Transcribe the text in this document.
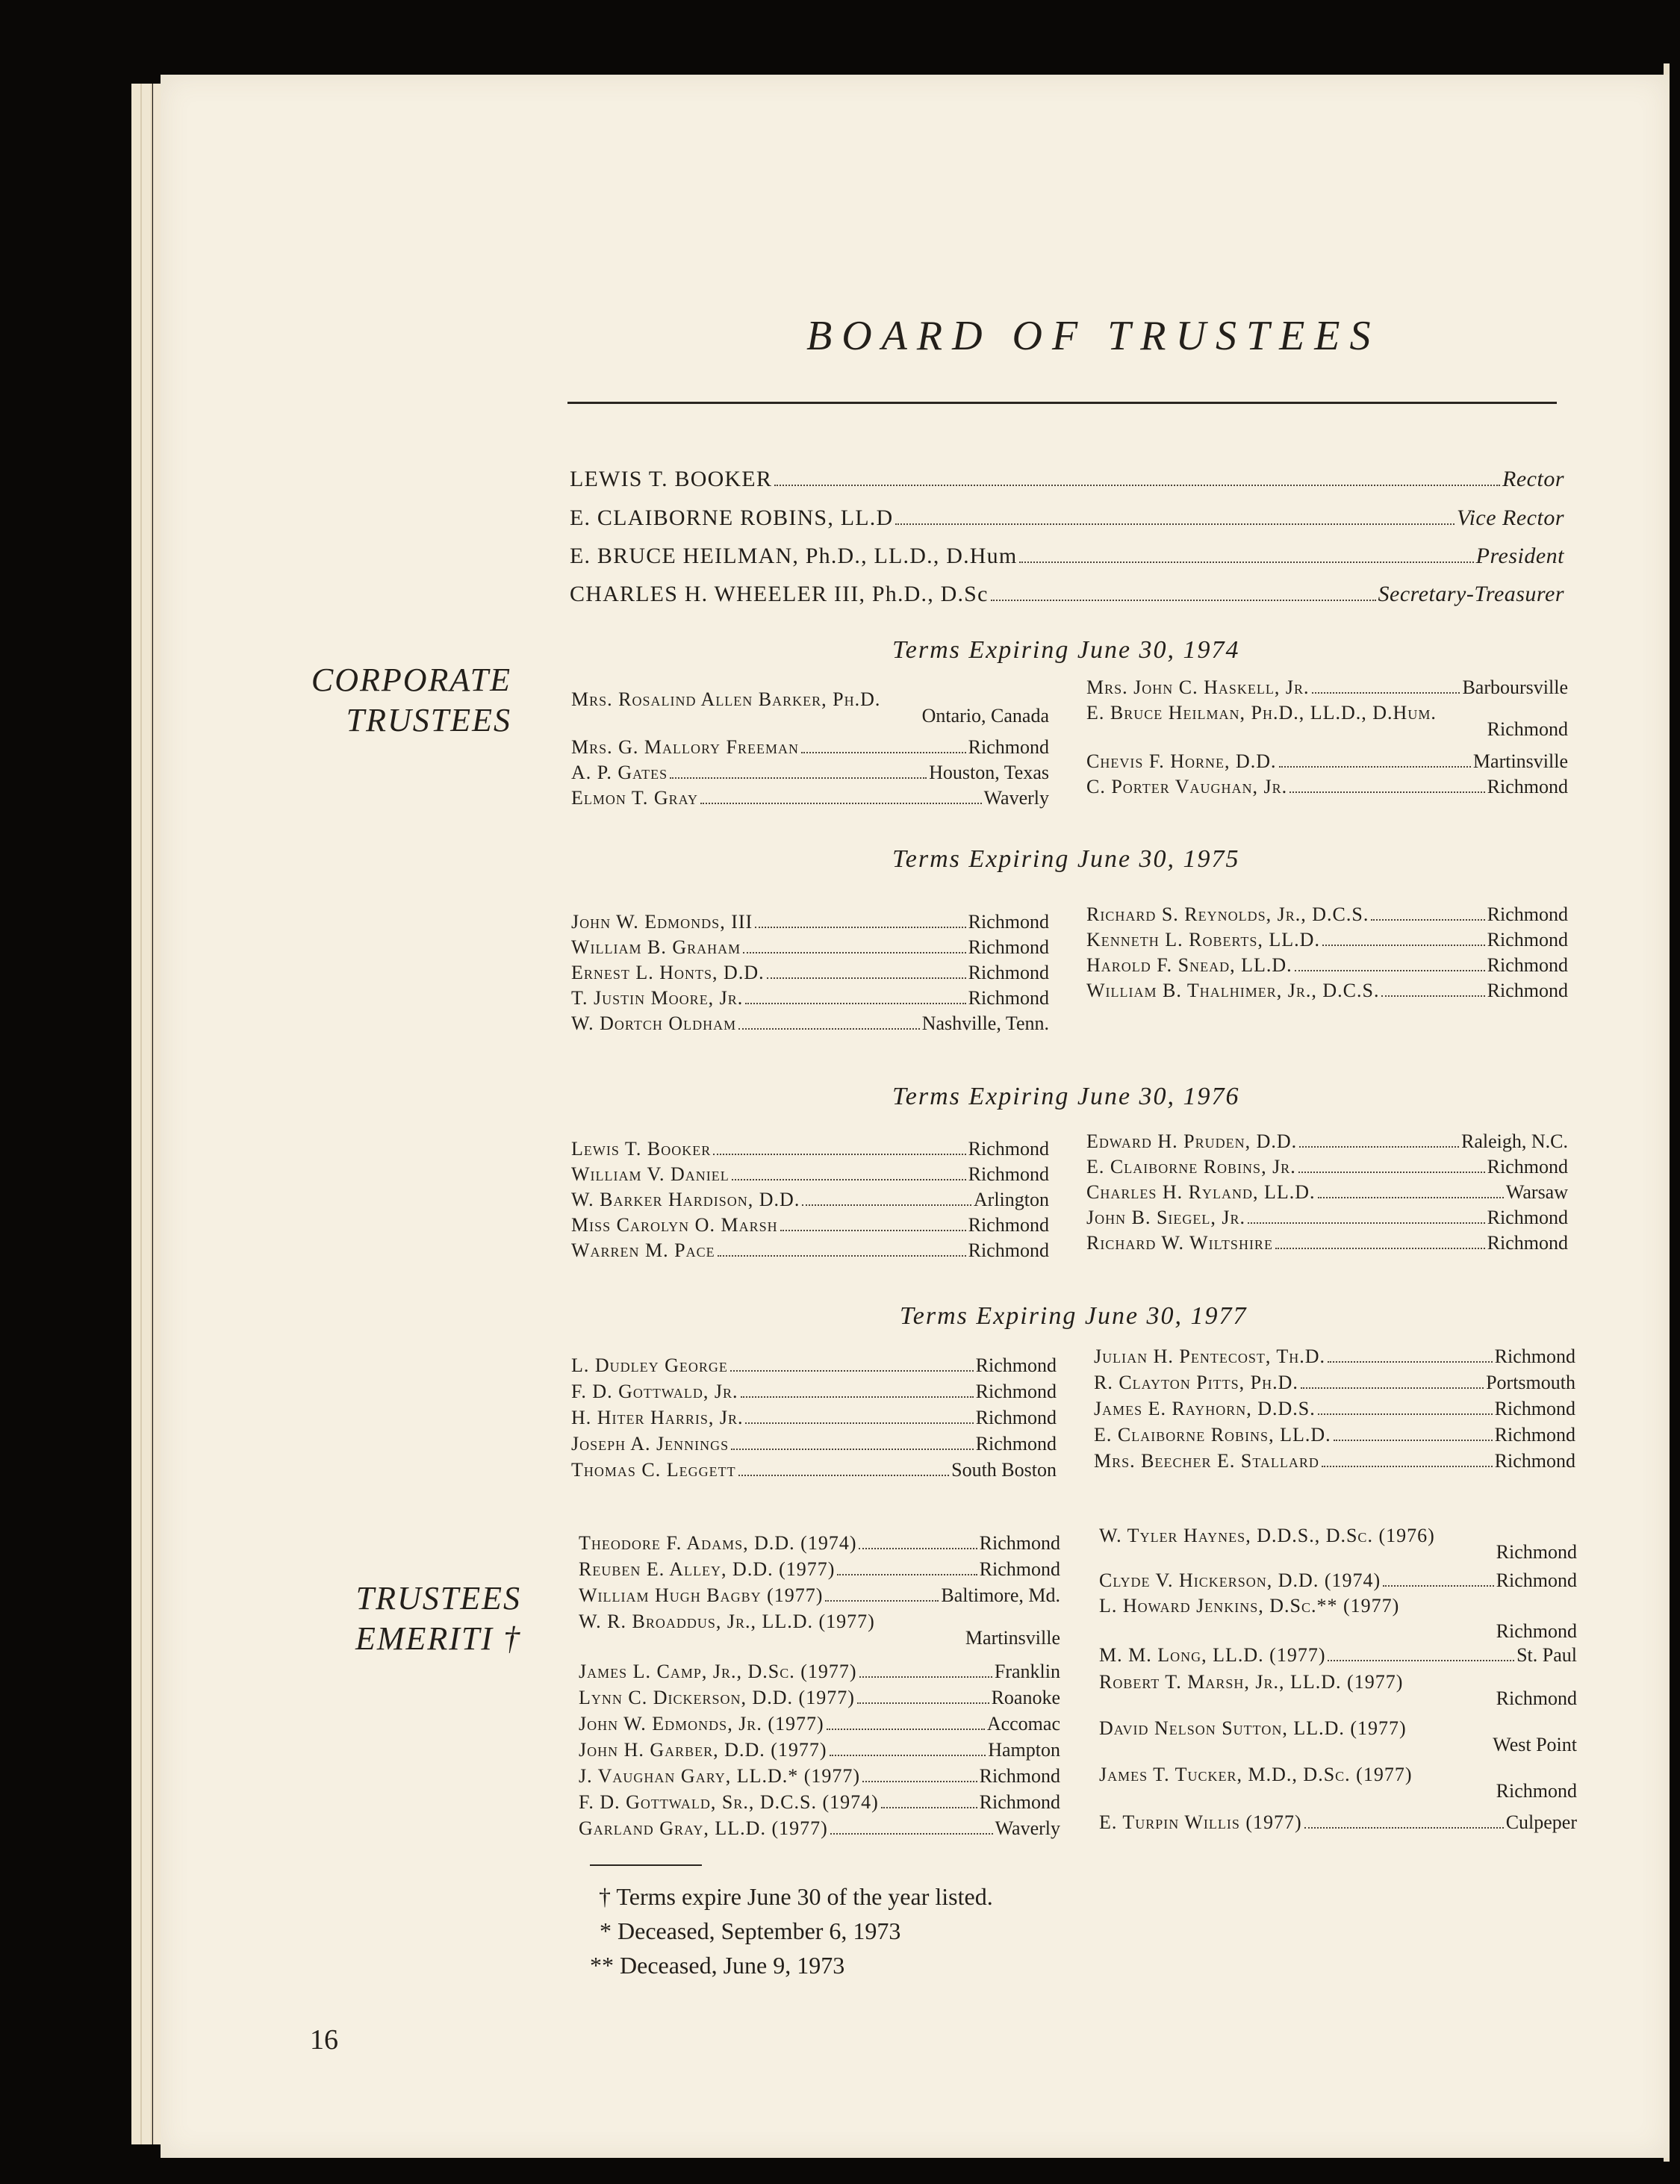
BOARD OF TRUSTEES
LEWIS T. BOOKER	Rector
E. CLAIBORNE ROBINS, LL.D	Vice Rector
E. BRUCE HEILMAN, Ph.D., LL.D., D.Hum	President
CHARLES H. WHEELER III, Ph.D., D.Sc	Secretary-Treasurer
CORPORATE
TRUSTEES
Terms Expiring June 30, 1974
Mrs. Rosalind Allen Barker, Ph.D.
Ontario, Canada
Mrs. G. Mallory Freeman	Richmond
A. P. Gates	Houston, Texas
Elmon T. Gray	Waverly
Mrs. John C. Haskell, Jr.	Barboursville
E. Bruce Heilman, Ph.D., LL.D., D.Hum.
Richmond
Chevis F. Horne, D.D.	Martinsville
C. Porter Vaughan, Jr.	Richmond
Terms Expiring June 30, 1975
John W. Edmonds, III	Richmond
William B. Graham	Richmond
Ernest L. Honts, D.D.	Richmond
T. Justin Moore, Jr.	Richmond
W. Dortch Oldham	Nashville, Tenn.
Richard S. Reynolds, Jr., D.C.S.	Richmond
Kenneth L. Roberts, LL.D.	Richmond
Harold F. Snead, LL.D.	Richmond
William B. Thalhimer, Jr., D.C.S.	Richmond
Terms Expiring June 30, 1976
Lewis T. Booker	Richmond
William V. Daniel	Richmond
W. Barker Hardison, D.D.	Arlington
Miss Carolyn O. Marsh	Richmond
Warren M. Pace	Richmond
Edward H. Pruden, D.D.	Raleigh, N.C.
E. Claiborne Robins, Jr.	Richmond
Charles H. Ryland, LL.D.	Warsaw
John B. Siegel, Jr.	Richmond
Richard W. Wiltshire	Richmond
Terms Expiring June 30, 1977
L. Dudley George	Richmond
F. D. Gottwald, Jr.	Richmond
H. Hiter Harris, Jr.	Richmond
Joseph A. Jennings	Richmond
Thomas C. Leggett	South Boston
Julian H. Pentecost, Th.D.	Richmond
R. Clayton Pitts, Ph.D.	Portsmouth
James E. Rayhorn, D.D.S.	Richmond
E. Claiborne Robins, LL.D.	Richmond
Mrs. Beecher E. Stallard	Richmond
TRUSTEES
EMERITI †
Theodore F. Adams, D.D. (1974)	Richmond
Reuben E. Alley, D.D. (1977)	Richmond
William Hugh Bagby (1977)	Baltimore, Md.
W. R. Broaddus, Jr., LL.D. (1977)
Martinsville
James L. Camp, Jr., D.Sc. (1977)	Franklin
Lynn C. Dickerson, D.D. (1977)	Roanoke
John W. Edmonds, Jr. (1977)	Accomac
John H. Garber, D.D. (1977)	Hampton
J. Vaughan Gary, LL.D.* (1977)	Richmond
F. D. Gottwald, Sr., D.C.S. (1974)	Richmond
Garland Gray, LL.D. (1977)	Waverly
W. Tyler Haynes, D.D.S., D.Sc. (1976)
Richmond
Clyde V. Hickerson, D.D. (1974)	Richmond
L. Howard Jenkins, D.Sc.** (1977)
Richmond
M. M. Long, LL.D. (1977)	St. Paul
Robert T. Marsh, Jr., LL.D. (1977)
Richmond
David Nelson Sutton, LL.D. (1977)
West Point
James T. Tucker, M.D., D.Sc. (1977)
Richmond
E. Turpin Willis (1977)	Culpeper
† Terms expire June 30 of the year listed.
* Deceased, September 6, 1973
** Deceased, June 9, 1973
16
